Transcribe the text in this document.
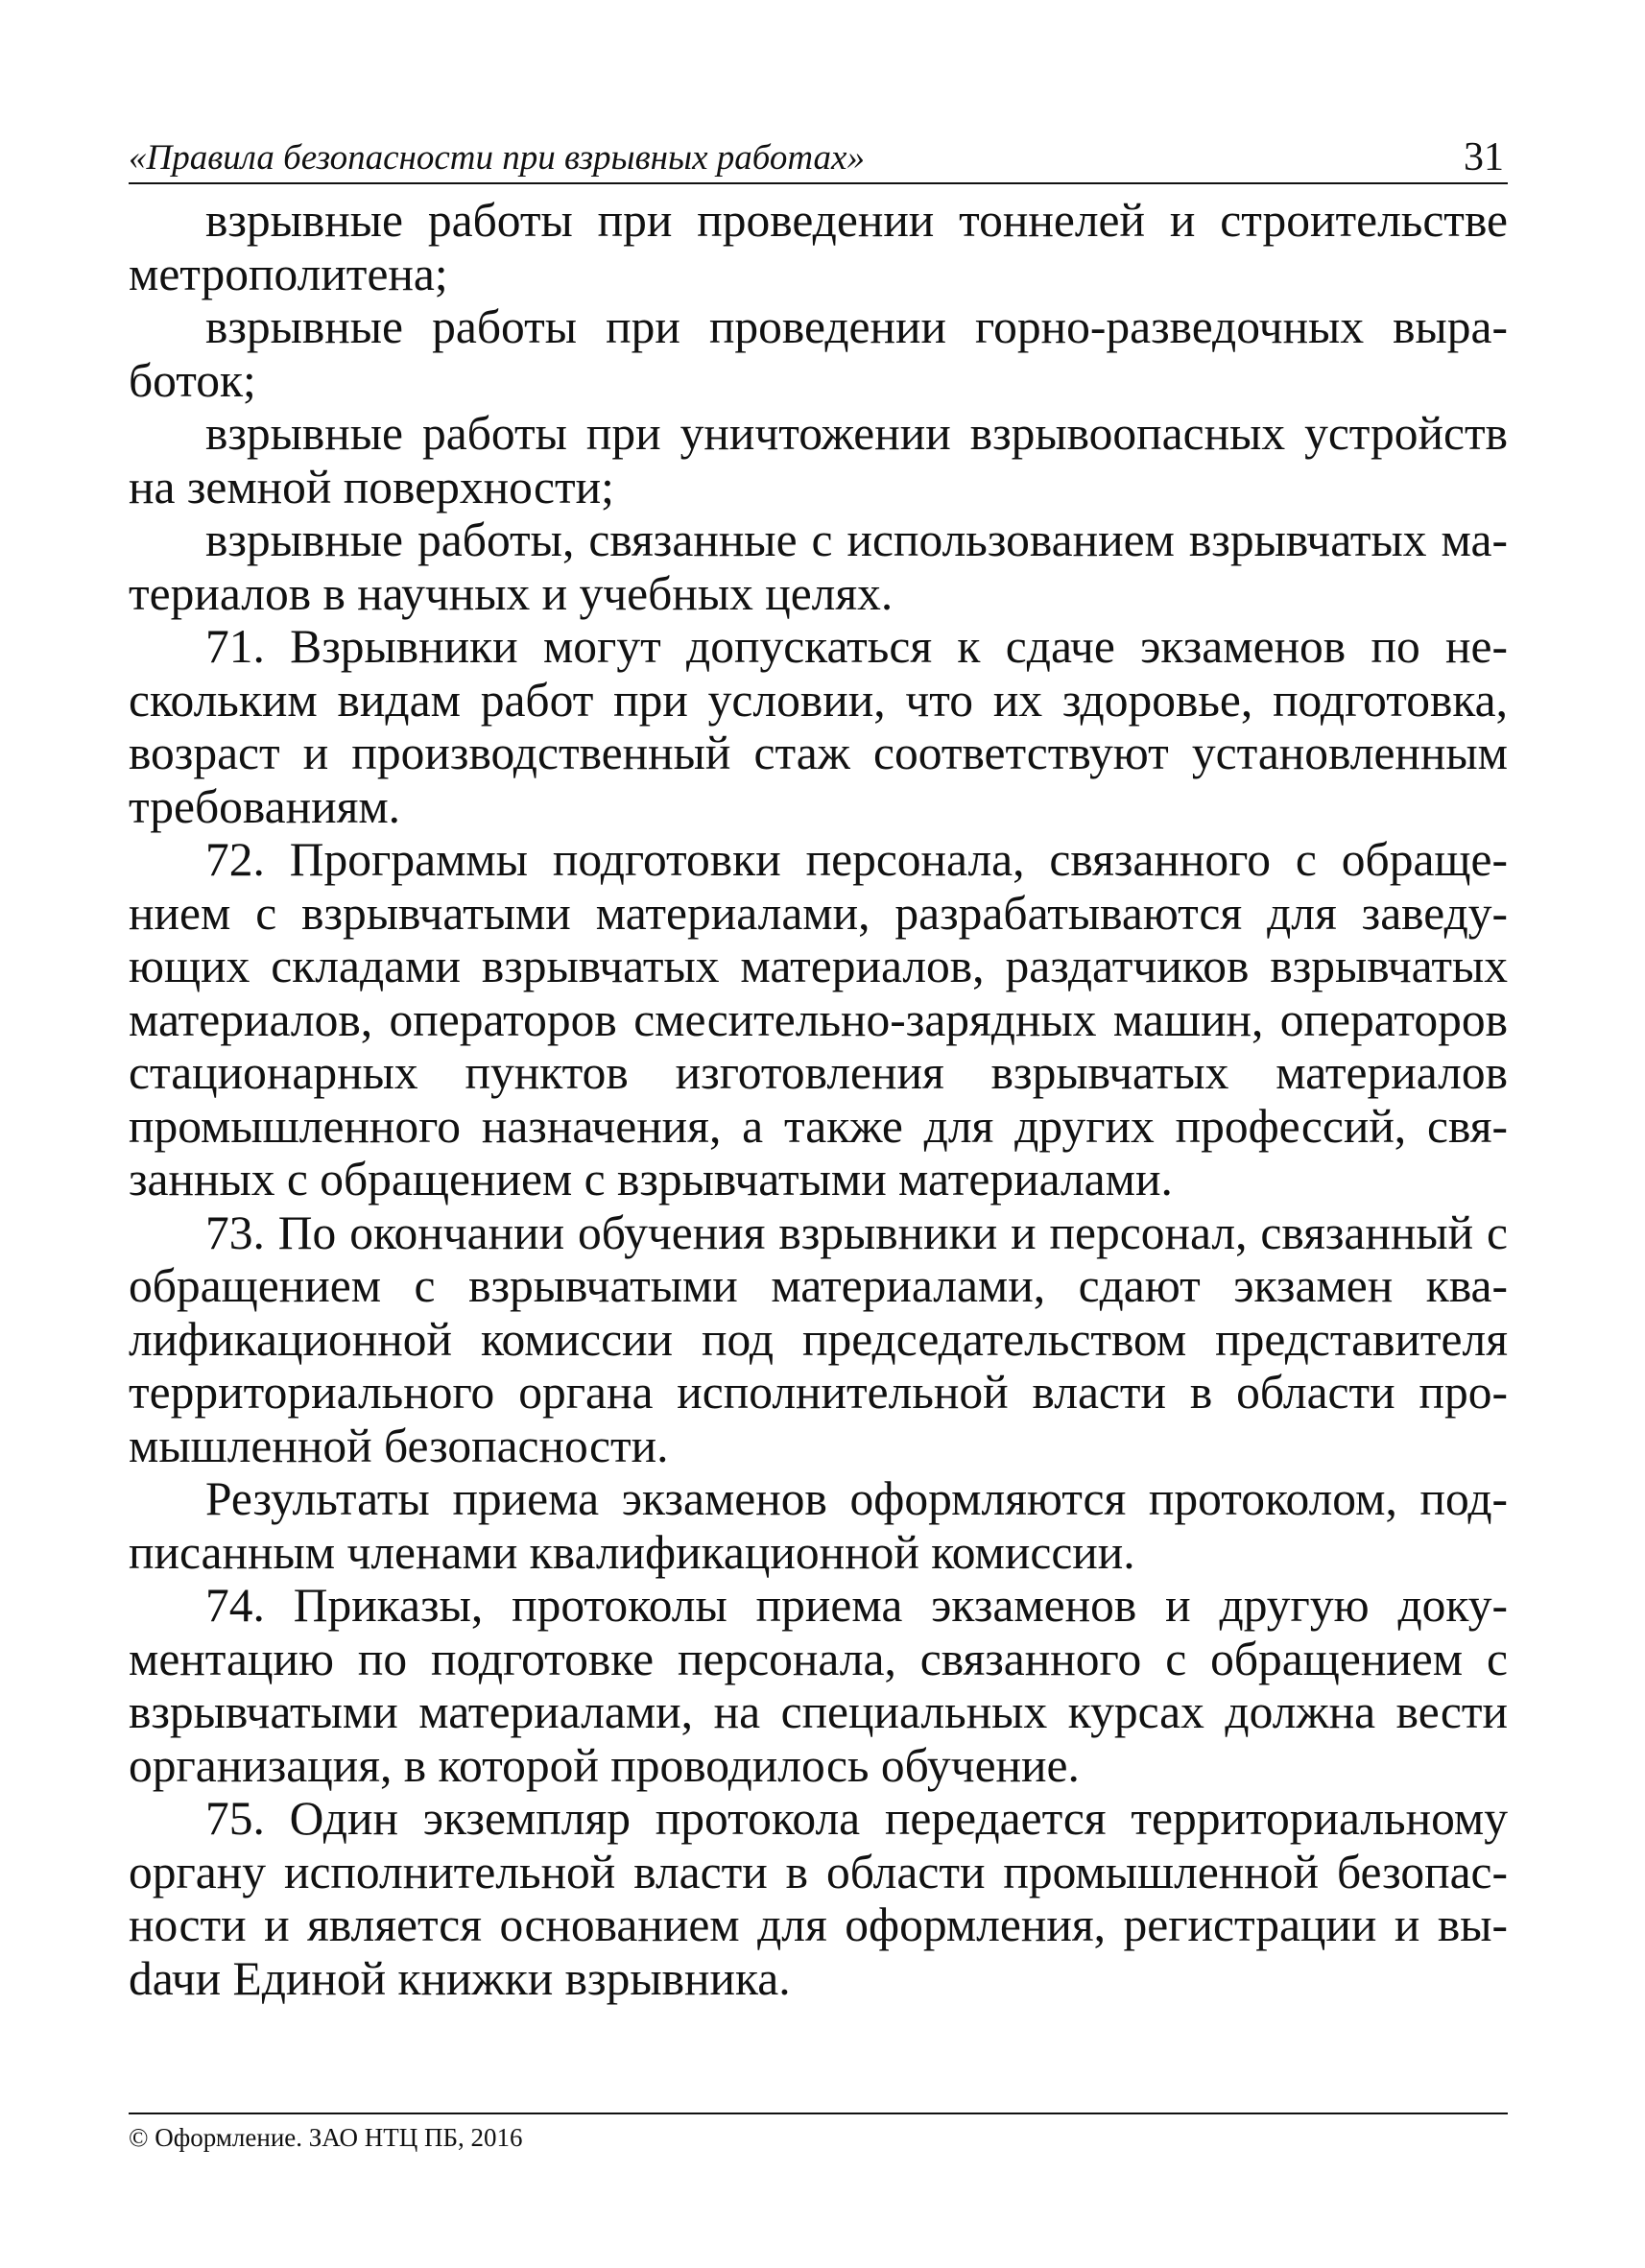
«Правила безопасности при взрывных работах»	31

взрывные работы при проведении тоннелей и строительстве метрополитена;

взрывные работы при проведении горно-разведочных выработок;

взрывные работы при уничтожении взрывоопасных устройств на земной поверхности;

взрывные работы, связанные с использованием взрывчатых материалов в научных и учебных целях.

71. Взрывники могут допускаться к сдаче экзаменов по нескольким видам работ при условии, что их здоровье, подготовка, возраст и производственный стаж соответствуют установленным требованиям.

72. Программы подготовки персонала, связанного с обращением с взрывчатыми материалами, разрабатываются для заведующих складами взрывчатых материалов, раздатчиков взрывчатых материалов, операторов смесительно-зарядных машин, операторов стационарных пунктов изготовления взрывчатых материалов промышленного назначения, а также для других профессий, связанных с обращением с взрывчатыми материалами.

73. По окончании обучения взрывники и персонал, связанный с обращением с взрывчатыми материалами, сдают экзамен квалификационной комиссии под председательством представителя территориального органа исполнительной власти в области промышленной безопасности.

Результаты приема экзаменов оформляются протоколом, подписанным членами квалификационной комиссии.

74. Приказы, протоколы приема экзаменов и другую документацию по подготовке персонала, связанного с обращением с взрывчатыми материалами, на специальных курсах должна вести организация, в которой проводилось обучение.

75. Один экземпляр протокола передается территориальному органу исполнительной власти в области промышленной безопасности и является основанием для оформления, регистрации и выdачи Единой книжки взрывника.

© Оформление. ЗАО НТЦ ПБ, 2016
